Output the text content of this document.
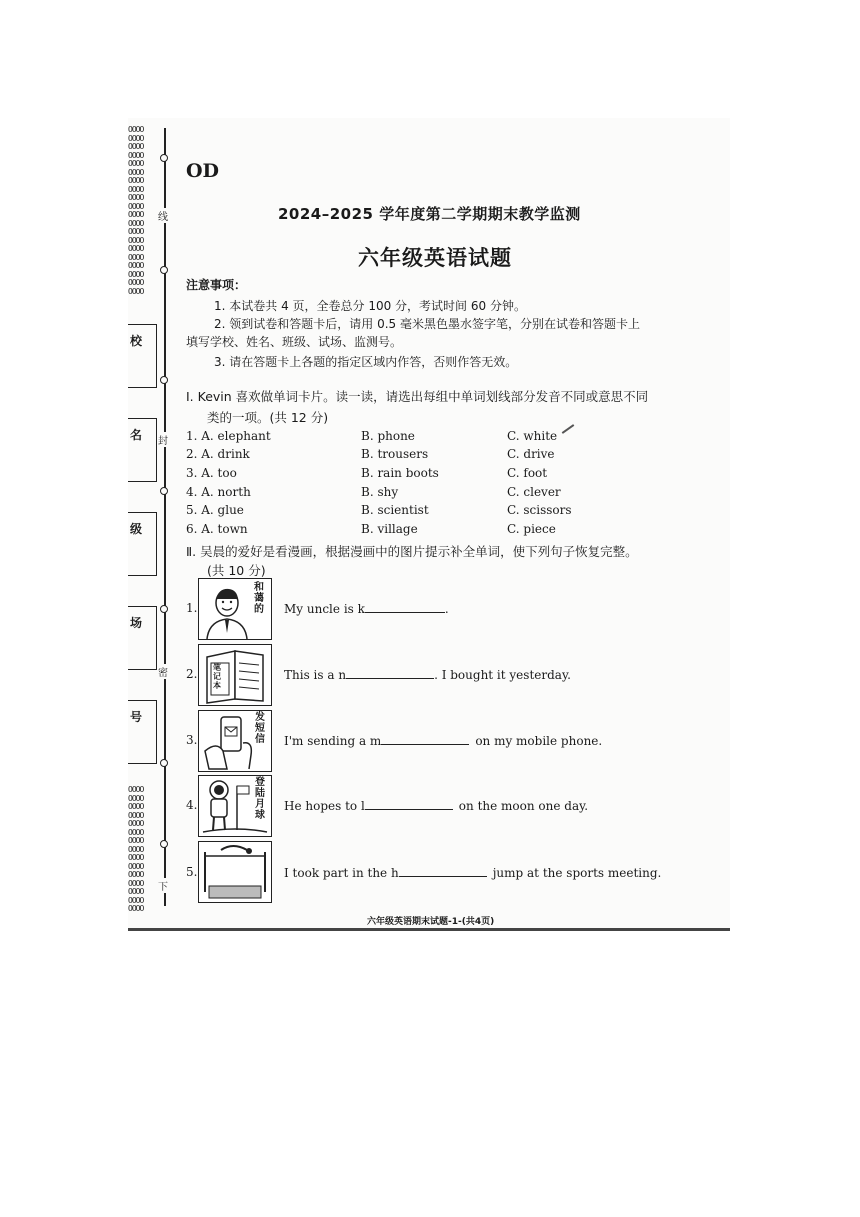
OOOO
OOOO
OOOO
OOOO
OOOO
OOOO
OOOO
OOOO
OOOO
OOOO
OOOO
OOOO
OOOO
OOOO
OOOO
OOOO
OOOO
OOOO
OOOO
OOOO
OOOO
OOOO
OOOO
OOOO
OOOO
OOOO
OOOO
OOOO
OOOO
OOOO
OOOO
OOOO
OOOO
OOOO
OOOO
线
封
密
下
校
名
级
场
号
OD
2024–2025 学年度第二学期期末教学监测
六年级英语试题
注意事项：
1. 本试卷共 4 页，全卷总分 100 分，考试时间 60 分钟。
2. 领到试卷和答题卡后，请用 0.5 毫米黑色墨水签字笔，分别在试卷和答题卡上
填写学校、姓名、班级、试场、监测号。
3. 请在答题卡上各题的指定区域内作答，否则作答无效。
Ⅰ. Kevin 喜欢做单词卡片。读一读，请选出每组中单词划线部分发音不同或意思不同
类的一项。(共 12 分)
1. A. elephant	B. phone	C. white
2. A. drink	B. trousers	C. drive
3. A. too	B. rain boots	C. foot
4. A. north	B. shy	C. clever
5. A. glue	B. scientist	C. scissors
6. A. town	B. village	C. piece
Ⅱ. 吴晨的爱好是看漫画，根据漫画中的图片提示补全单词，使下列句子恢复完整。
(共 10 分)
1.
和蔼的 My uncle is k	.
2. 笔记本
This is a n	. I bought it yesterday.
3.
发短信 I'm sending a m	on my mobile phone.
4.
登陆月球
He hopes to l	on the moon one day.
5.	I took part in the h	jump at the sports meeting.
六年级英语期末试题-1-(共4页)
